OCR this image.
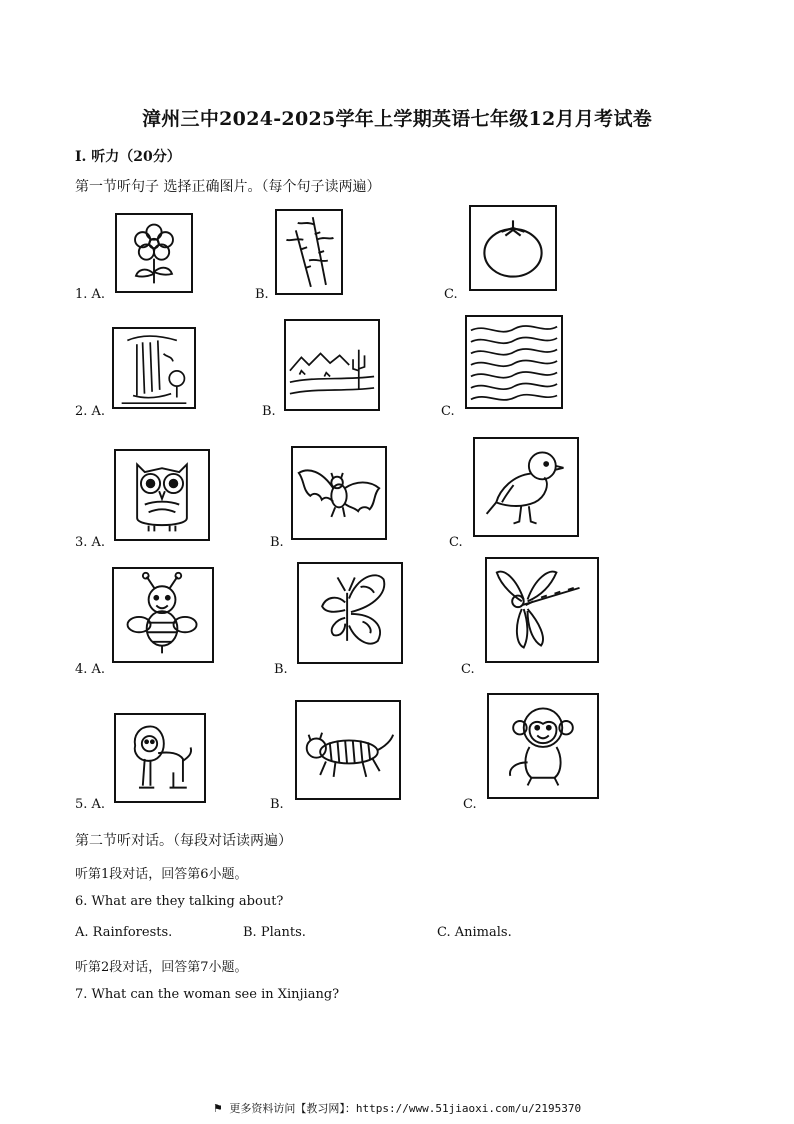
漳州三中2024-2025学年上学期英语七年级12月月考试卷
I. 听力（20分）
第一节听句子 选择正确图片。（每个句子读两遍）
1. A.	B.	C.
2. A.	B.	C.
3. A.	B.	C.
4. A.	B.	C.
5. A.	B.	C.
第二节听对话。（每段对话读两遍）
听第1段对话，回答第6小题。
6. What are they talking about?
A. Rainforests.	B. Plants.	C. Animals.
听第2段对话，回答第7小题。
7. What can the woman see in Xinjiang?
⚑ 更多资料访问【教习网】：https://www.51jiaoxi.com/u/2195370
